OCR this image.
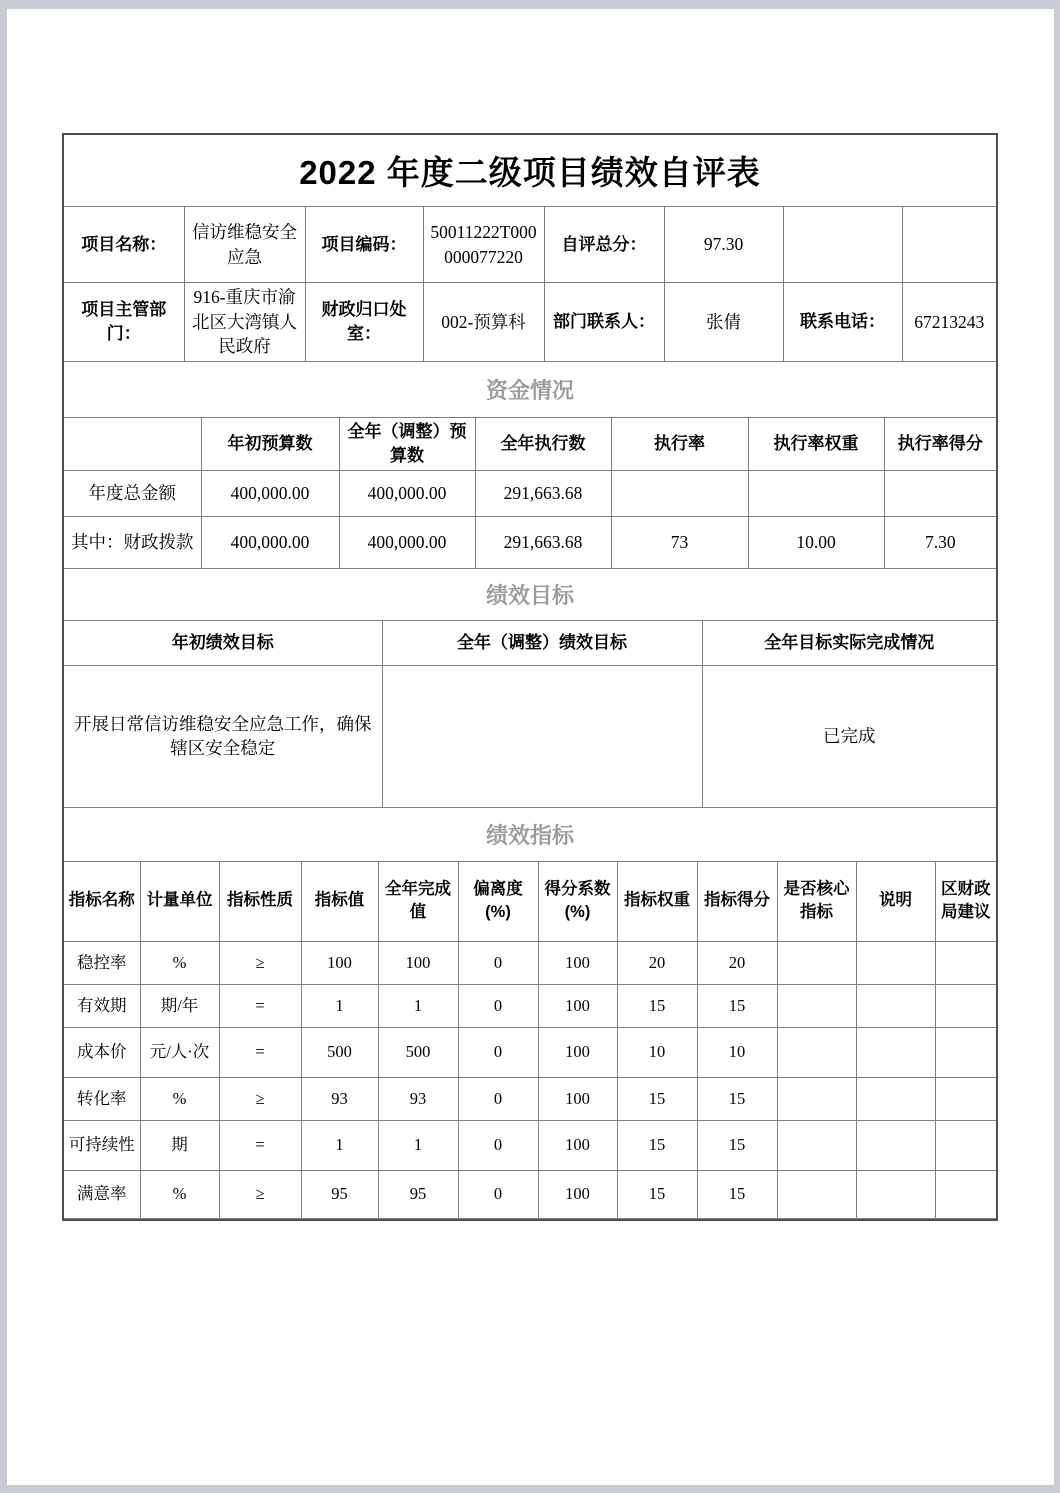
2022 年度二级项目绩效自评表
项目名称：	信访维稳安全应急	项目编码：	50011222T000000077220	自评总分：	97.30		
项目主管部门：	916-重庆市渝北区大湾镇人民政府	财政归口处室：	002-预算科	部门联系人：	张倩	联系电话：	67213243
资金情况
	年初预算数	全年（调整）预算数	全年执行数	执行率	执行率权重	执行率得分
年度总金额	400,000.00	400,000.00	291,663.68			
其中：财政拨款	400,000.00	400,000.00	291,663.68	73	10.00	7.30
绩效目标
年初绩效目标	全年（调整）绩效目标	全年目标实际完成情况
开展日常信访维稳安全应急工作，确保辖区安全稳定		已完成
绩效指标
指标名称	计量单位	指标性质	指标值	全年完成值	偏离度(%)	得分系数(%)	指标权重	指标得分	是否核心指标	说明	区财政局建议
稳控率	%	≥	100	100	0	100	20	20			
有效期	期/年	=	1	1	0	100	15	15			
成本价	元/人·次	=	500	500	0	100	10	10			
转化率	%	≥	93	93	0	100	15	15			
可持续性	期	=	1	1	0	100	15	15			
满意率	%	≥	95	95	0	100	15	15			
